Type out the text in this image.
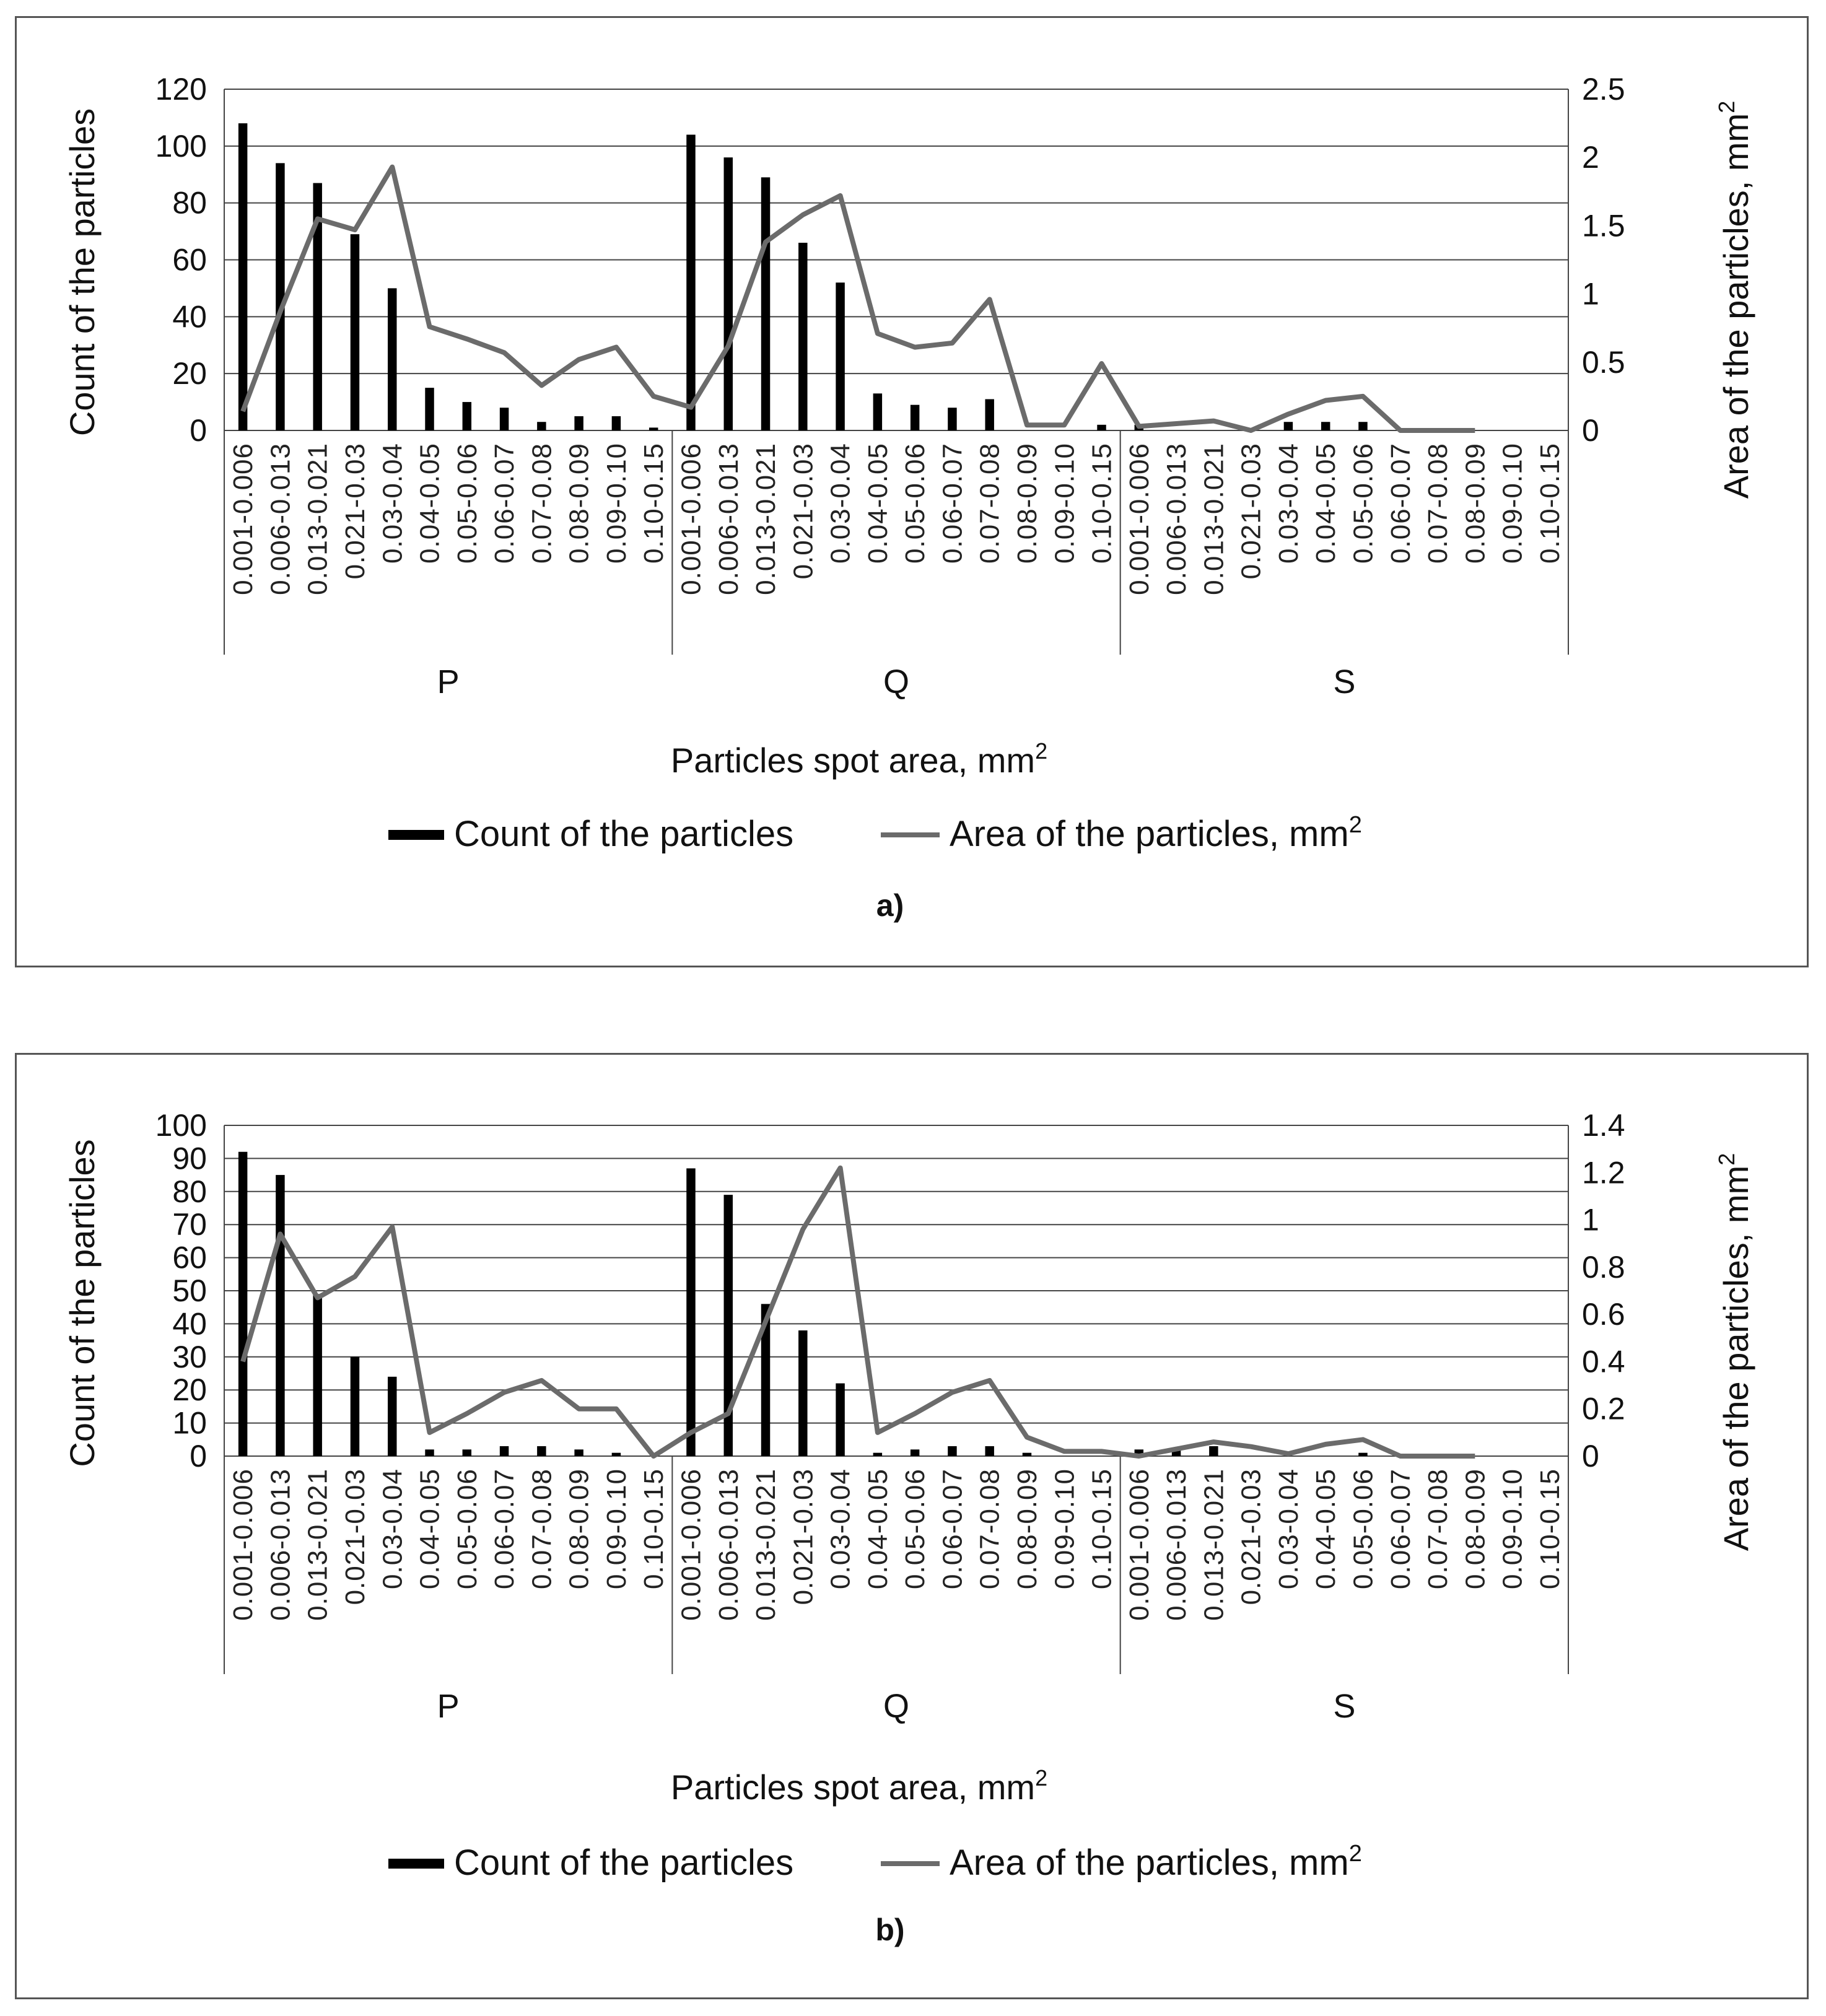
0
20
40
60
80
100
120
0
0.5
1
1.5
2
2.5
0.001-0.006 0.006-0.013 0.013-0.021 0.021-0.03 0.03-0.04 0.04-0.05 0.05-0.06 0.06-0.07 0.07-0.08 0.08-0.09 0.09-0.10 0.10-0.15 0.001-0.006 0.006-0.013 0.013-0.021 0.021-0.03 0.03-0.04 0.04-0.05 0.05-0.06 0.06-0.07 0.07-0.08 0.08-0.09 0.09-0.10 0.10-0.15 0.001-0.006 0.006-0.013 0.013-0.021 0.021-0.03 0.03-0.04 0.04-0.05 0.05-0.06 0.06-0.07 0.07-0.08 0.08-0.09 0.09-0.10 0.10-0.15
P	Q	S
Count of the particles	Area of the particles, $mm^2$
Particles spot area, $mm^2$
Count of the particles	Area of the particles, $mm^2$
a)
0
10
20
30
40
50
60
70
80
90
100
0
0.2
0.4
0.6
0.8
1
1.2
1.4
0.001-0.006 0.006-0.013 0.013-0.021 0.021-0.03 0.03-0.04 0.04-0.05 0.05-0.06 0.06-0.07 0.07-0.08 0.08-0.09 0.09-0.10 0.10-0.15 0.001-0.006 0.006-0.013 0.013-0.021 0.021-0.03 0.03-0.04 0.04-0.05 0.05-0.06 0.06-0.07 0.07-0.08 0.08-0.09 0.09-0.10 0.10-0.15 0.001-0.006 0.006-0.013 0.013-0.021 0.021-0.03 0.03-0.04 0.04-0.05 0.05-0.06 0.06-0.07 0.07-0.08 0.08-0.09 0.09-0.10 0.10-0.15
P	Q	S
Count of the particles	Area of the particles, $mm^2$
Particles spot area, $mm^2$
Count of the particles	Area of the particles, $mm^2$
b)
